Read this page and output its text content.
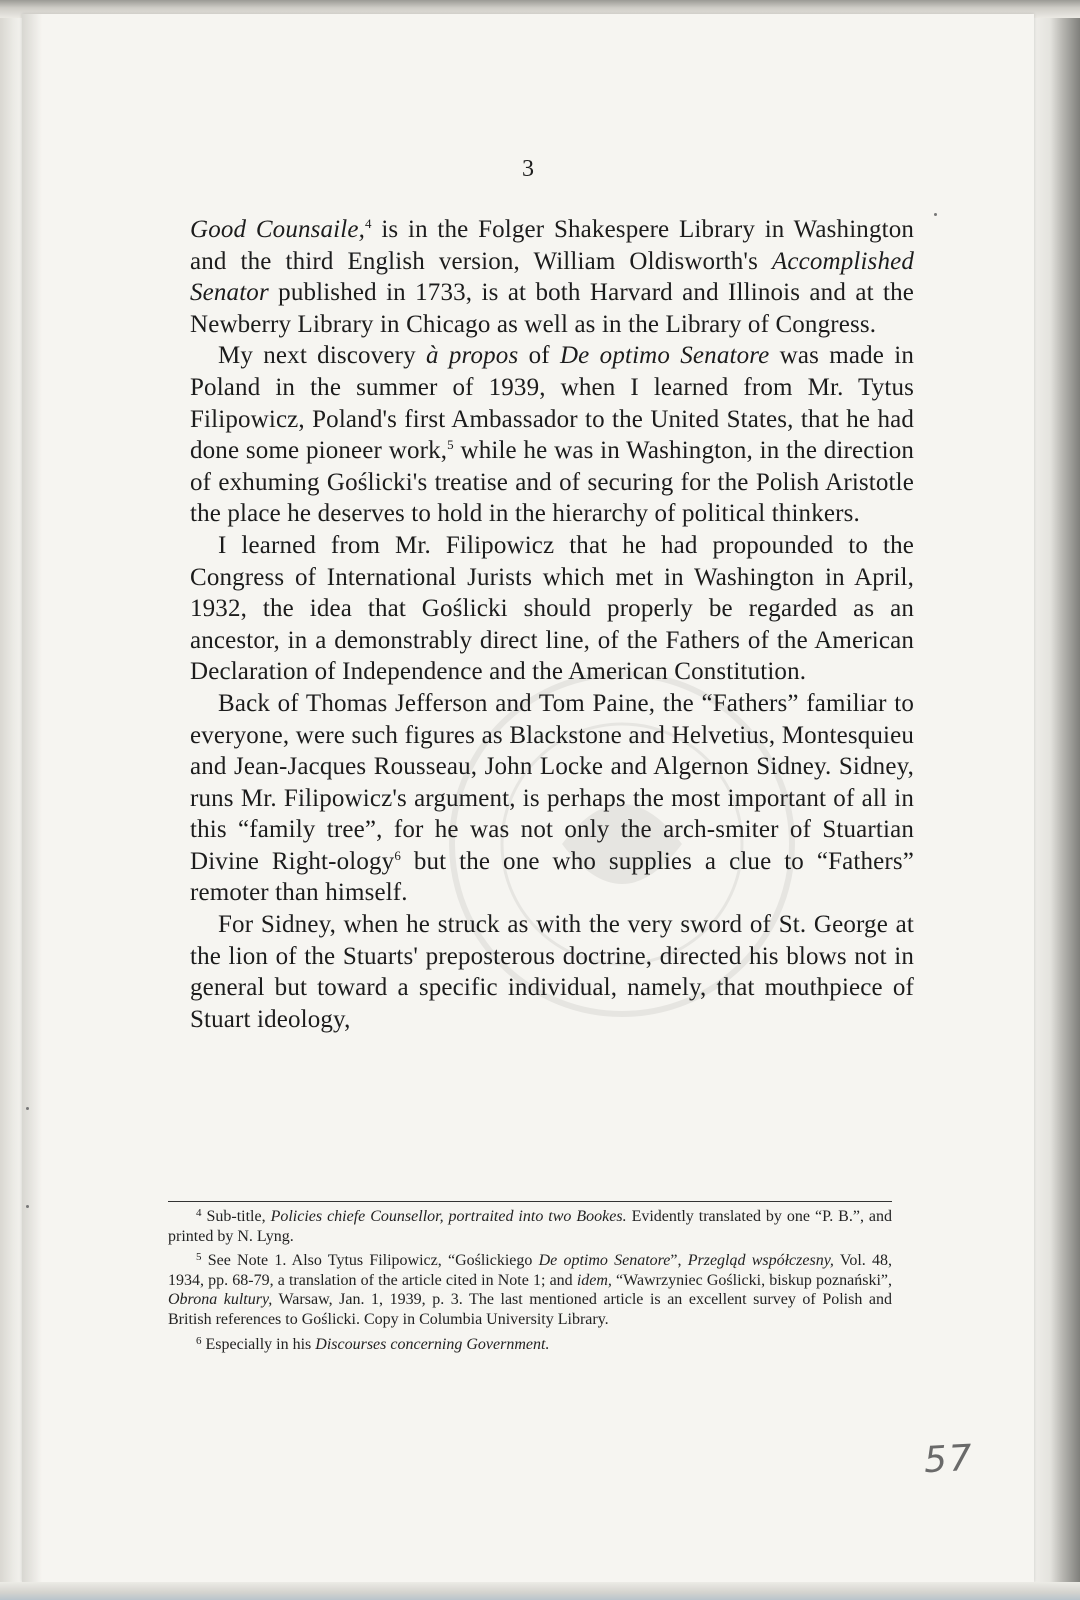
3

Good Counsaile,$^4$ is in the Folger Shakespere Library in Washington and the third English version, William Oldisworth's Accomplished Senator published in 1733, is at both Harvard and Illinois and at the Newberry Library in Chicago as well as in the Library of Congress.

My next discovery à propos of De optimo Senatore was made in Poland in the summer of 1939, when I learned from Mr. Tytus Filipowicz, Poland's first Ambassador to the United States, that he had done some pioneer work,$^5$ while he was in Washington, in the direction of exhuming Goślicki's treatise and of securing for the Polish Aristotle the place he deserves to hold in the hierarchy of political thinkers.

I learned from Mr. Filipowicz that he had propounded to the Congress of International Jurists which met in Washington in April, 1932, the idea that Goślicki should properly be regarded as an ancestor, in a demonstrably direct line, of the Fathers of the American Declaration of Independence and the American Constitution.

Back of Thomas Jefferson and Tom Paine, the “Fathers” familiar to everyone, were such figures as Blackstone and Helvetius, Montesquieu and Jean-Jacques Rousseau, John Locke and Algernon Sidney. Sidney, runs Mr. Filipowicz's argument, is perhaps the most important of all in this “family tree”, for he was not only the arch-smiter of Stuartian Divine Right-ology$^6$ but the one who supplies a clue to “Fathers” remoter than himself.

For Sidney, when he struck as with the very sword of St. George at the lion of the Stuarts' preposterous doctrine, directed his blows not in general but toward a specific individual, namely, that mouthpiece of Stuart ideology,

57

$^4$ Sub-title, Policies chiefe Counsellor, portraited into two Bookes. Evidently translated by one “P. B.”, and printed by N. Lyng.

$^5$ See Note 1. Also Tytus Filipowicz, “Goślickiego De optimo Senatore”, Przegląd współczesny, Vol. 48, 1934, pp. 68-79, a translation of the article cited in Note 1; and idem, “Wawrzyniec Goślicki, biskup poznański”, Obrona kultury, Warsaw, Jan. 1, 1939, p. 3. The last mentioned article is an excellent survey of Polish and British references to Goślicki. Copy in Columbia University Library.

$^6$ Especially in his Discourses concerning Government.
